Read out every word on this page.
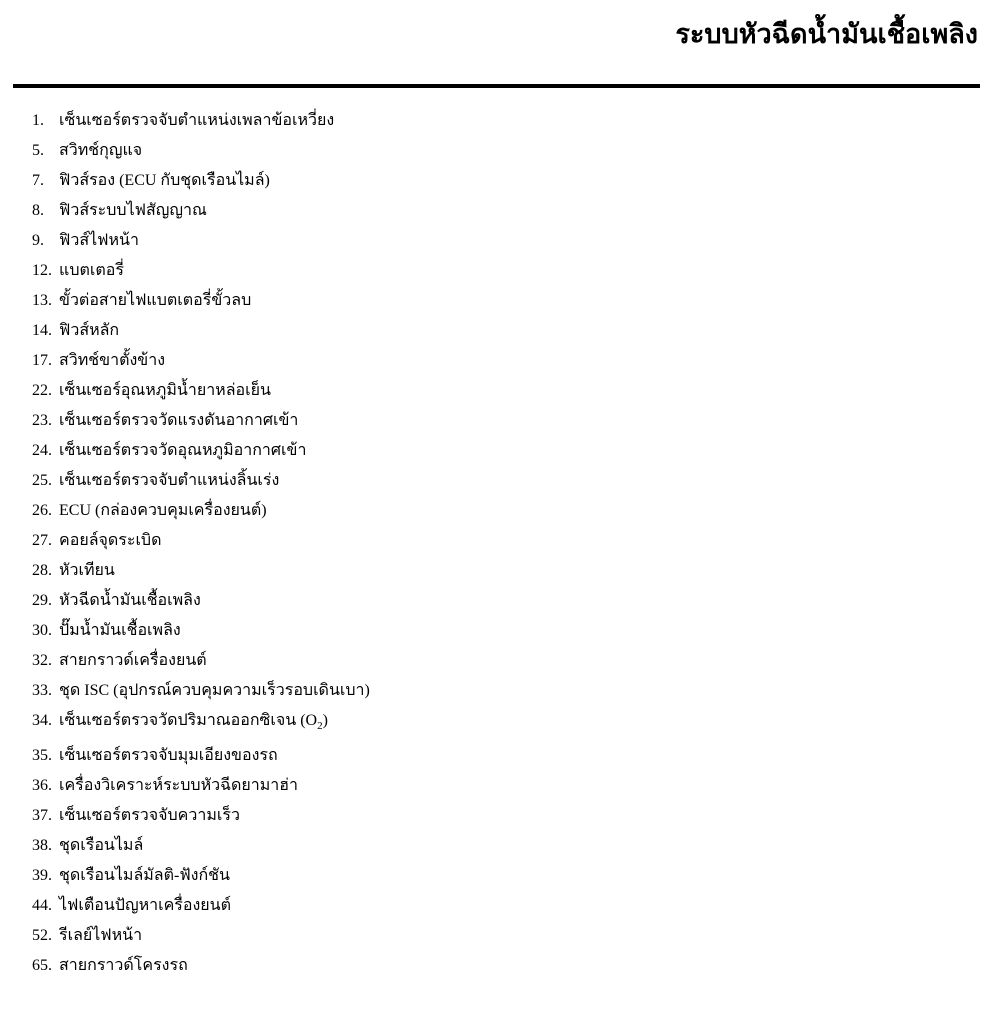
ระบบหัวฉีดน้ำมันเชื้อเพลิง
1. เซ็นเซอร์ตรวจจับตำแหน่งเพลาข้อเหวี่ยง
5. สวิทช์กุญแจ
7. ฟิวส์รอง (ECU กับชุดเรือนไมล์)
8. ฟิวส์ระบบไฟสัญญาณ
9. ฟิวส์ไฟหน้า
12. แบตเตอรี่
13. ขั้วต่อสายไฟแบตเตอรี่ขั้วลบ
14. ฟิวส์หลัก
17. สวิทช์ขาตั้งข้าง
22. เซ็นเซอร์อุณหภูมิน้ำยาหล่อเย็น
23. เซ็นเซอร์ตรวจวัดแรงดันอากาศเข้า
24. เซ็นเซอร์ตรวจวัดอุณหภูมิอากาศเข้า
25. เซ็นเซอร์ตรวจจับตำแหน่งลิ้นเร่ง
26. ECU (กล่องควบคุมเครื่องยนต์)
27. คอยล์จุดระเบิด
28. หัวเทียน
29. หัวฉีดน้ำมันเชื้อเพลิง
30. ปั๊มน้ำมันเชื้อเพลิง
32. สายกราวด์เครื่องยนต์
33. ชุด ISC (อุปกรณ์ควบคุมความเร็วรอบเดินเบา)
34. เซ็นเซอร์ตรวจวัดปริมาณออกซิเจน $(O_2)$
35. เซ็นเซอร์ตรวจจับมุมเอียงของรถ
36. เครื่องวิเคราะห์ระบบหัวฉีดยามาฮ่า
37. เซ็นเซอร์ตรวจจับความเร็ว
38. ชุดเรือนไมล์
39. ชุดเรือนไมล์มัลติ-ฟังก์ชัน
44. ไฟเตือนปัญหาเครื่องยนต์
52. รีเลย์ไฟหน้า
65. สายกราวด์โครงรถ
